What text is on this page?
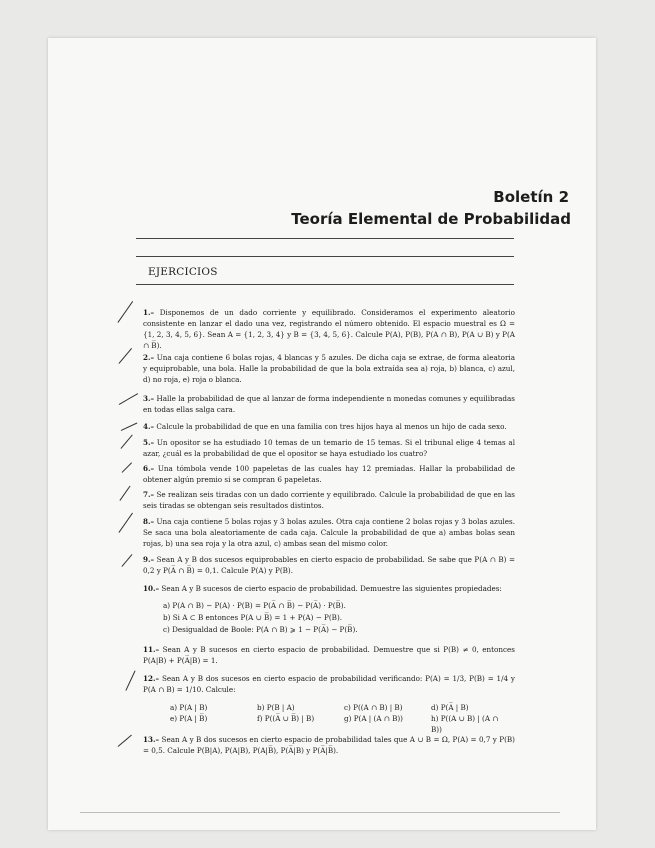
Boletín 2
Teoría Elemental de Probabilidad
EJERCICIOS
1.– Disponemos de un dado corriente y equilibrado. Consideramos el experimento aleatorio consistente en lanzar el dado una vez, registrando el número obtenido. El espacio muestral es Ω = {1, 2, 3, 4, 5, 6}. Sean A = {1, 2, 3, 4} y B = {3, 4, 5, 6}. Calcule P(A), P(B), P(A ∩ B), P(A ∪ B) y P(A ∩ B̅).
2.– Una caja contiene 6 bolas rojas, 4 blancas y 5 azules. De dicha caja se extrae, de forma aleatoria y equiprobable, una bola. Halle la probabilidad de que la bola extraída sea a) roja, b) blanca, c) azul, d) no roja, e) roja o blanca.
3.– Halle la probabilidad de que al lanzar de forma independiente n monedas comunes y equilibradas en todas ellas salga cara.
4.– Calcule la probabilidad de que en una familia con tres hijos haya al menos un hijo de cada sexo.
5.– Un opositor se ha estudiado 10 temas de un temario de 15 temas. Si el tribunal elige 4 temas al azar, ¿cuál es la probabilidad de que el opositor se haya estudiado los cuatro?
6.– Una tómbola vende 100 papeletas de las cuales hay 12 premiadas. Hallar la probabilidad de obtener algún premio si se compran 6 papeletas.
7.– Se realizan seis tiradas con un dado corriente y equilibrado. Calcule la probabilidad de que en las seis tiradas se obtengan seis resultados distintos.
8.– Una caja contiene 5 bolas rojas y 3 bolas azules. Otra caja contiene 2 bolas rojas y 3 bolas azules. Se saca una bola aleatoriamente de cada caja. Calcule la probabilidad de que a) ambas bolas sean rojas, b) una sea roja y la otra azul, c) ambas sean del mismo color.
9.– Sean A y B dos sucesos equiprobables en cierto espacio de probabilidad. Se sabe que P(A ∩ B) = 0,2 y P(A̅ ∩ B̅) = 0,1. Calcule P(A) y P(B).
10.– Sean A y B sucesos de cierto espacio de probabilidad. Demuestre las siguientes propiedades:
a) P(A ∩ B) − P(A) · P(B) = P(A̅ ∩ B̅) − P(A̅) · P(B̅).
b) Si A ⊂ B entonces P(A ∪ B̅) = 1 + P(A) − P(B).
c) Desigualdad de Boole: P(A ∩ B) ⩾ 1 − P(A̅) − P(B̅).
11.– Sean A y B sucesos en cierto espacio de probabilidad. Demuestre que si P(B) ≠ 0, entonces P(A|B) + P(A̅|B) = 1.
12.– Sean A y B dos sucesos en cierto espacio de probabilidad verificando: P(A) = 1/3, P(B) = 1/4 y P(A ∩ B) = 1/10. Calcule:
a) P(A | B)	b) P(B | A)	c) P((A ∩ B) | B)	d) P(A̅ | B)
e) P(A | B̅)	f) P((A̅ ∪ B̅) | B)	g) P(A | (A ∩ B))	h) P((A ∪ B) | (A ∩ B))
13.– Sean A y B dos sucesos en cierto espacio de probabilidad tales que A ∪ B = Ω, P(A) = 0,7 y P(B) = 0,5. Calcule P(B|A), P(A|B), P(A|B̅), P(A̅|B) y P(A̅|B̅).
